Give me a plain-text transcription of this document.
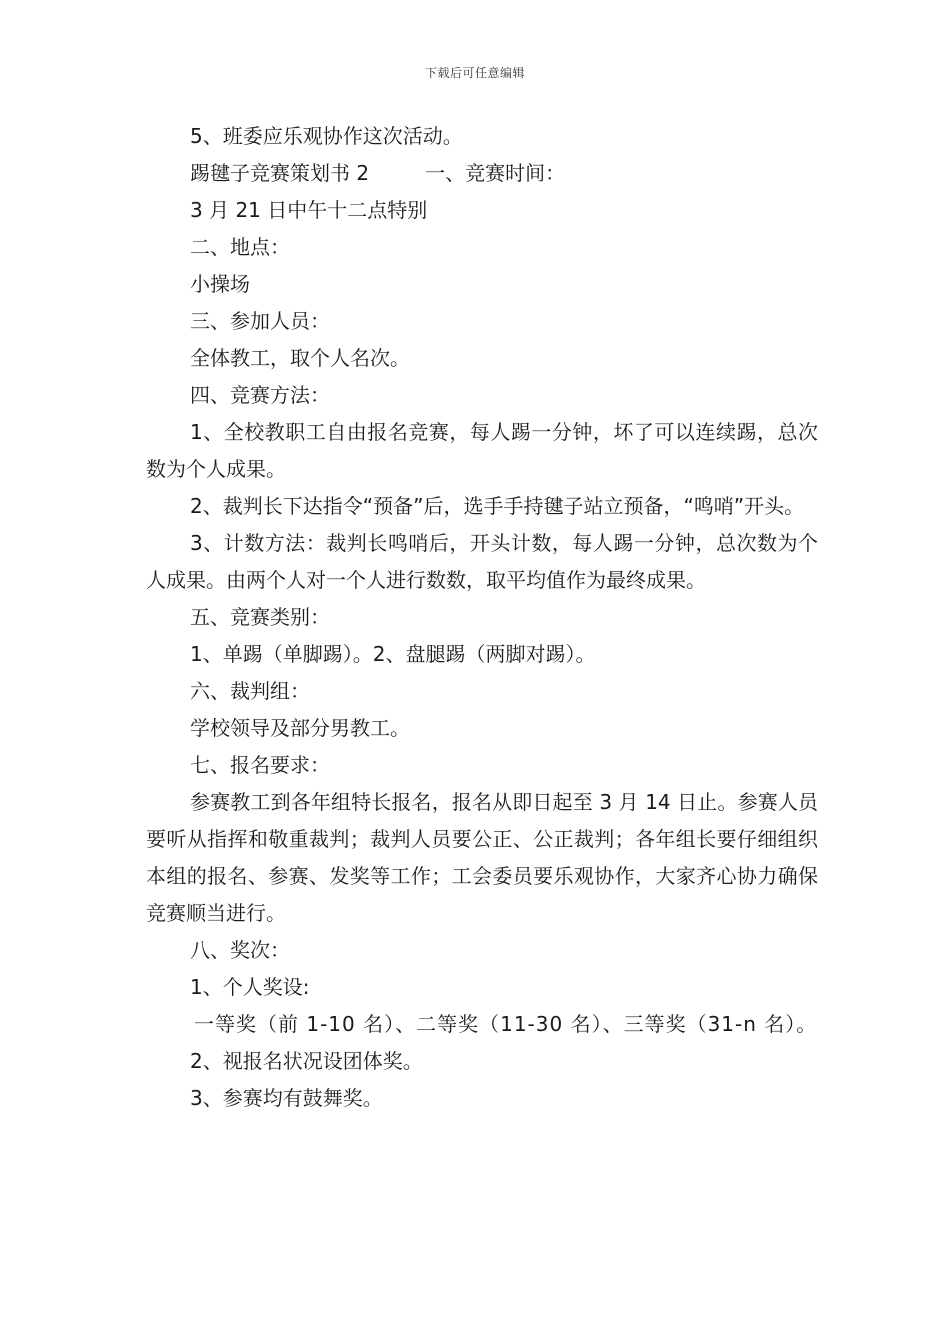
下载后可任意编辑

5、班委应乐观协作这次活动。

踢毽子竞赛策划书 2	一、竞赛时间：

3 月 21 日中午十二点特别

二、地点：

小操场

三、参加人员：

全体教工，取个人名次。

四、竞赛方法：

1、全校教职工自由报名竞赛，每人踢一分钟，坏了可以连续踢，总次数为个人成果。

2、裁判长下达指令“预备”后，选手手持毽子站立预备，“鸣哨”开头。

3、计数方法：裁判长鸣哨后，开头计数，每人踢一分钟，总次数为个人成果。由两个人对一个人进行数数，取平均值作为最终成果。

五、竞赛类别：

1、单踢（单脚踢）。2、盘腿踢（两脚对踢）。

六、裁判组：

学校领导及部分男教工。

七、报名要求：

参赛教工到各年组特长报名，报名从即日起至 3 月 14 日止。参赛人员要听从指挥和敬重裁判；裁判人员要公正、公正裁判；各年组长要仔细组织本组的报名、参赛、发奖等工作；工会委员要乐观协作，大家齐心协力确保竞赛顺当进行。

八、奖次：

1、个人奖设:

一等奖（前 1-10 名）、二等奖（11-30 名）、三等奖（31-n 名）。

2、视报名状况设团体奖。

3、参赛均有鼓舞奖。
